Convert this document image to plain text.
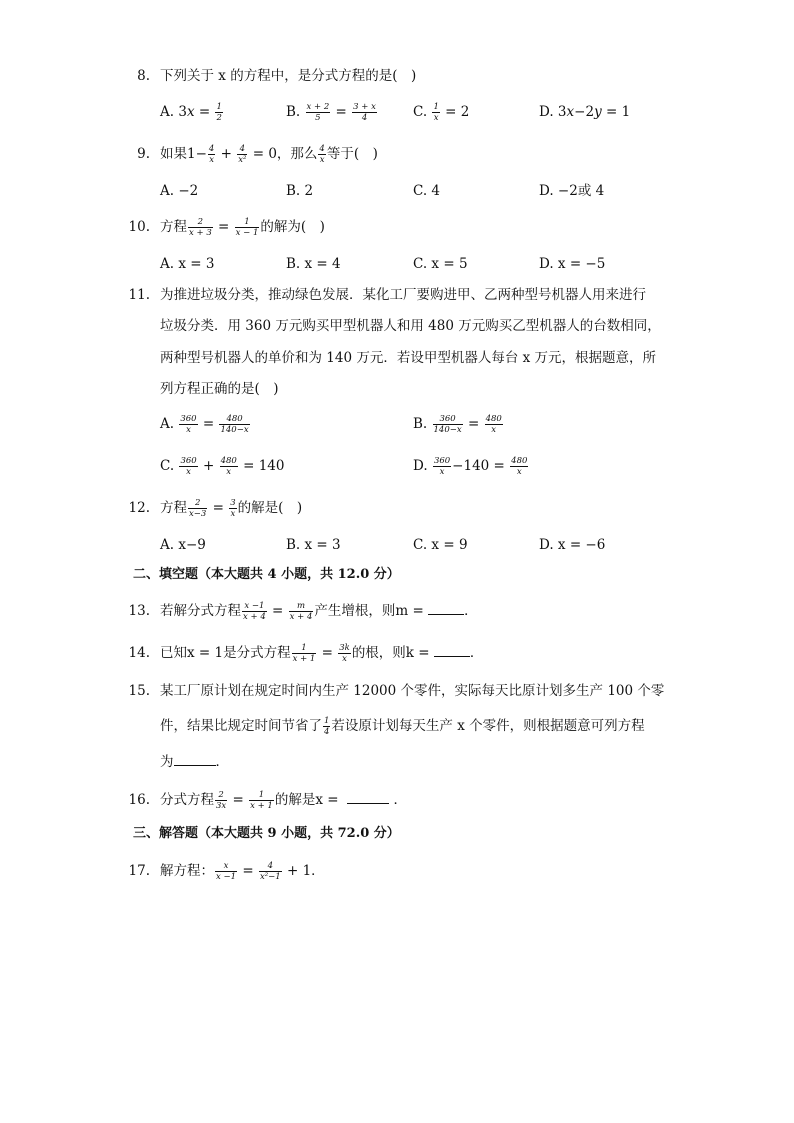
8. 下列关于 x 的方程中，是分式方程的是(　)
A. $3x = \frac{1}{2}$	B. $\frac{x + 2}{5} = \frac{3 + x}{4}$	C. $\frac{1}{x} = 2$	D. 3x−2y = 1
9. 如果$1- \frac{4}{x} + \frac{4}{\text{x²}} = 0$，那么 $\frac{4}{x}$ 等于(　)
A. −2	B. 2	C. 4	D. −2或 4
10. 方程 $\frac{2}{x + 3} = \frac{1}{x - 1}$ 的解为(　)
A. x = 3	B. x = 4	C. x = 5	D. x = −5
11. 为推进垃圾分类，推动绿色发展．某化工厂要购进甲、乙两种型号机器人用来进行
垃圾分类．用 360 万元购买甲型机器人和用 480 万元购买乙型机器人的台数相同，
两种型号机器人的单价和为 140 万元．若设甲型机器人每台 x 万元，根据题意，所
列方程正确的是(　)
A. $\frac{360}{x} = \frac{480}{140-x}$	B. $\frac{360}{140-x} = \frac{480}{x}$
C. $\frac{360}{x} + \frac{480}{x} = 140$	D. $\frac{360}{x} -140 = \frac{480}{x}$
12. 方程 $\frac{2}{x-3} = \frac{3}{x}$ 的解是(　)
A. x−9	B. x = 3	C. x = 9	D. x = −6
二、填空题（本大题共 4 小题，共 12.0 分）
13. 若解分式方程 $\frac{x -1}{x + 4} = \frac{m}{x + 4}$ 产生增根，则m =	．
14. 已知x = 1是分式方程 $\frac{1}{x + 1} = \frac{3k}{x}$ 的根，则k =	．
15. 某工厂原计划在规定时间内生产 12000 个零件，实际每天比原计划多生产 100 个零
件，结果比规定时间节省了 $\frac{1}{4}$ 若设原计划每天生产 x 个零件，则根据题意可列方程
为	．
16. 分式方程 $\frac{2}{3x} = \frac{1}{x + 1}$ 的解是x =	．
三、解答题（本大题共 9 小题，共 72.0 分）
17. 解方程： $\frac{x}{x -1} = \frac{4}{\text{x²−1}} + 1$．
